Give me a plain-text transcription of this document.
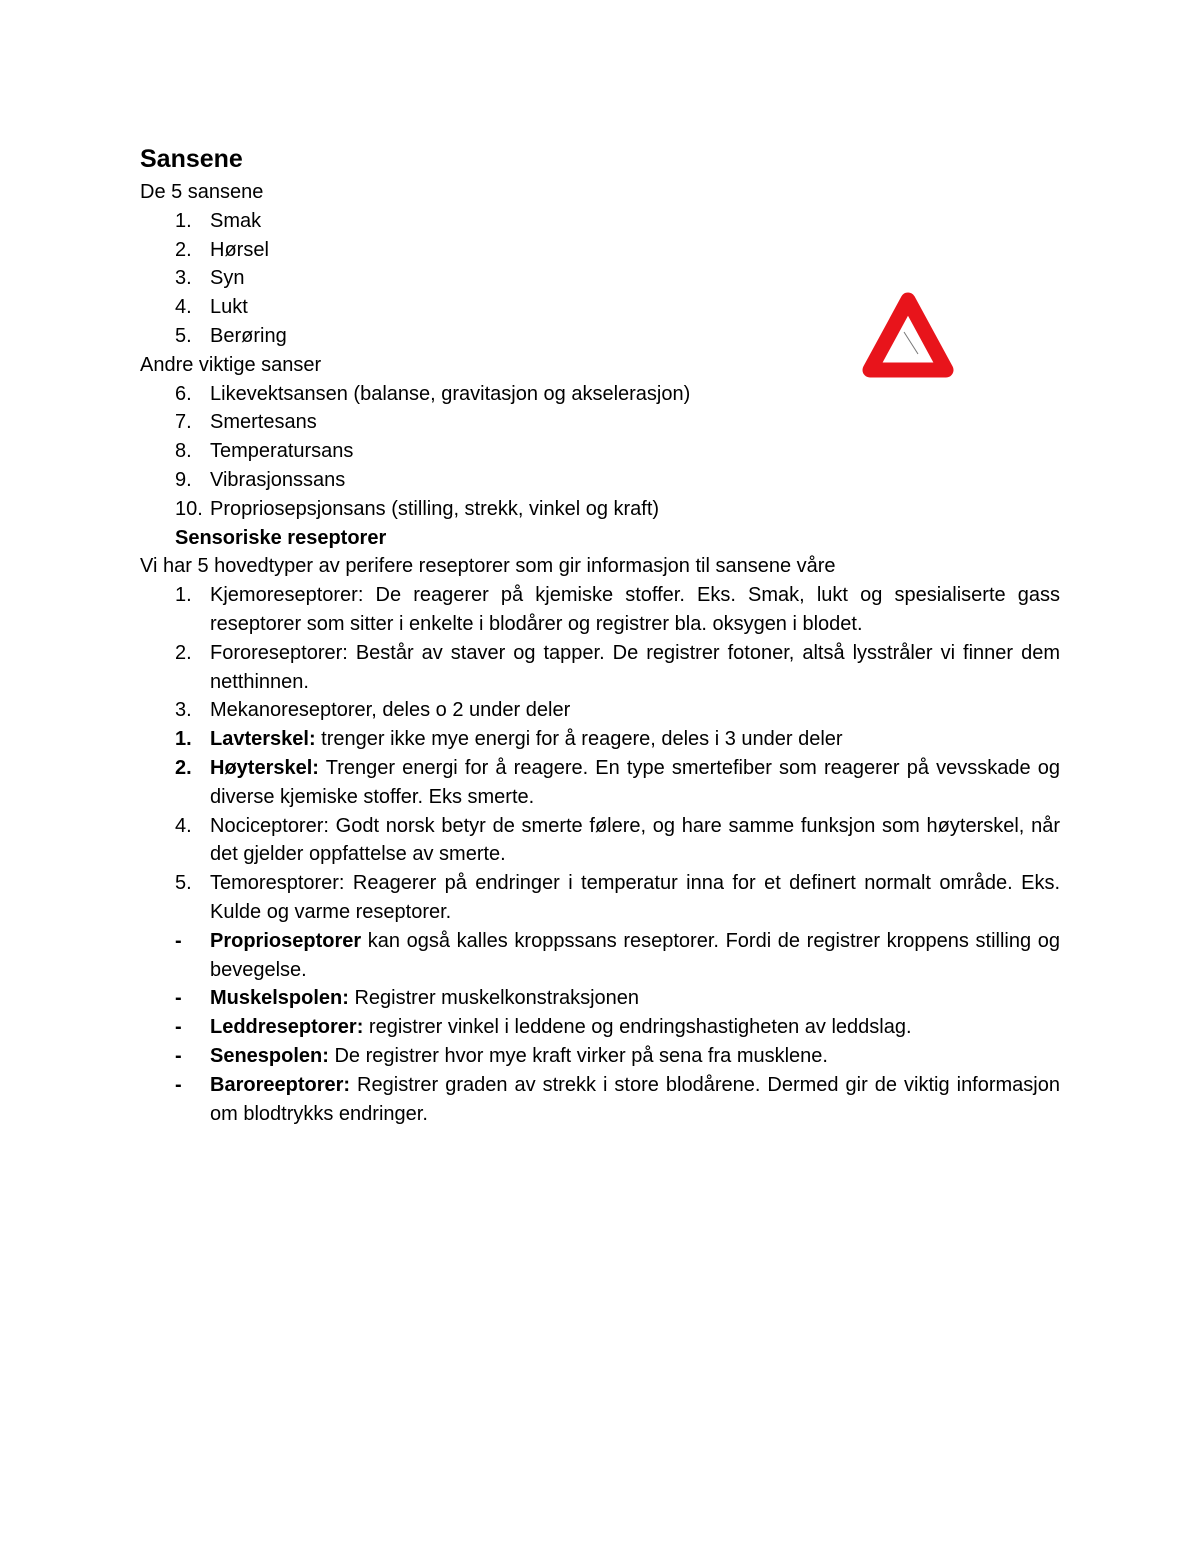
Sansene

De 5 sansene

1. Smak
2. Hørsel
3. Syn
4. Lukt
5. Berøring

Andre viktige sanser

6. Likevektsansen (balanse, gravitasjon og akselerasjon)
7. Smertesans
8. Temperatursans
9. Vibrasjonssans
10. Propriosepsjonsans (stilling, strekk, vinkel og kraft)

Sensoriske reseptorer

Vi har 5 hovedtyper av perifere reseptorer som gir informasjon til sansene våre

1. Kjemoreseptorer: De reagerer på kjemiske stoffer. Eks. Smak, lukt og spesialiserte gass reseptorer som sitter i enkelte i blodårer og registrer bla. oksygen i blodet.
2. Fororeseptorer: Består av staver og tapper. De registrer fotoner, altså lysstråler vi finner dem netthinnen.
3. Mekanoreseptorer, deles o 2 under deler
1. Lavterskel: trenger ikke mye energi for å reagere, deles i 3 under deler
2. Høyterskel: Trenger energi for å reagere. En type smertefiber som reagerer på vevsskade og diverse kjemiske stoffer. Eks smerte.
4. Nociceptorer: Godt norsk betyr de smerte følere, og hare samme funksjon som høyterskel, når det gjelder oppfattelse av smerte.
5. Temoresptorer: Reagerer på endringer i temperatur inna for et definert normalt område. Eks. Kulde og varme reseptorer.
-	Proprioseptorer kan også kalles kroppssans reseptorer. Fordi de registrer kroppens stilling og bevegelse.
-	Muskelspolen: Registrer muskelkonstraksjonen
-	Leddreseptorer: registrer vinkel i leddene og endringshastigheten av leddslag.
-	Senespolen: De registrer hvor mye kraft virker på sena fra musklene.
-	Baroreeptorer: Registrer graden av strekk i store blodårene. Dermed gir de viktig informasjon om blodtrykks endringer.
